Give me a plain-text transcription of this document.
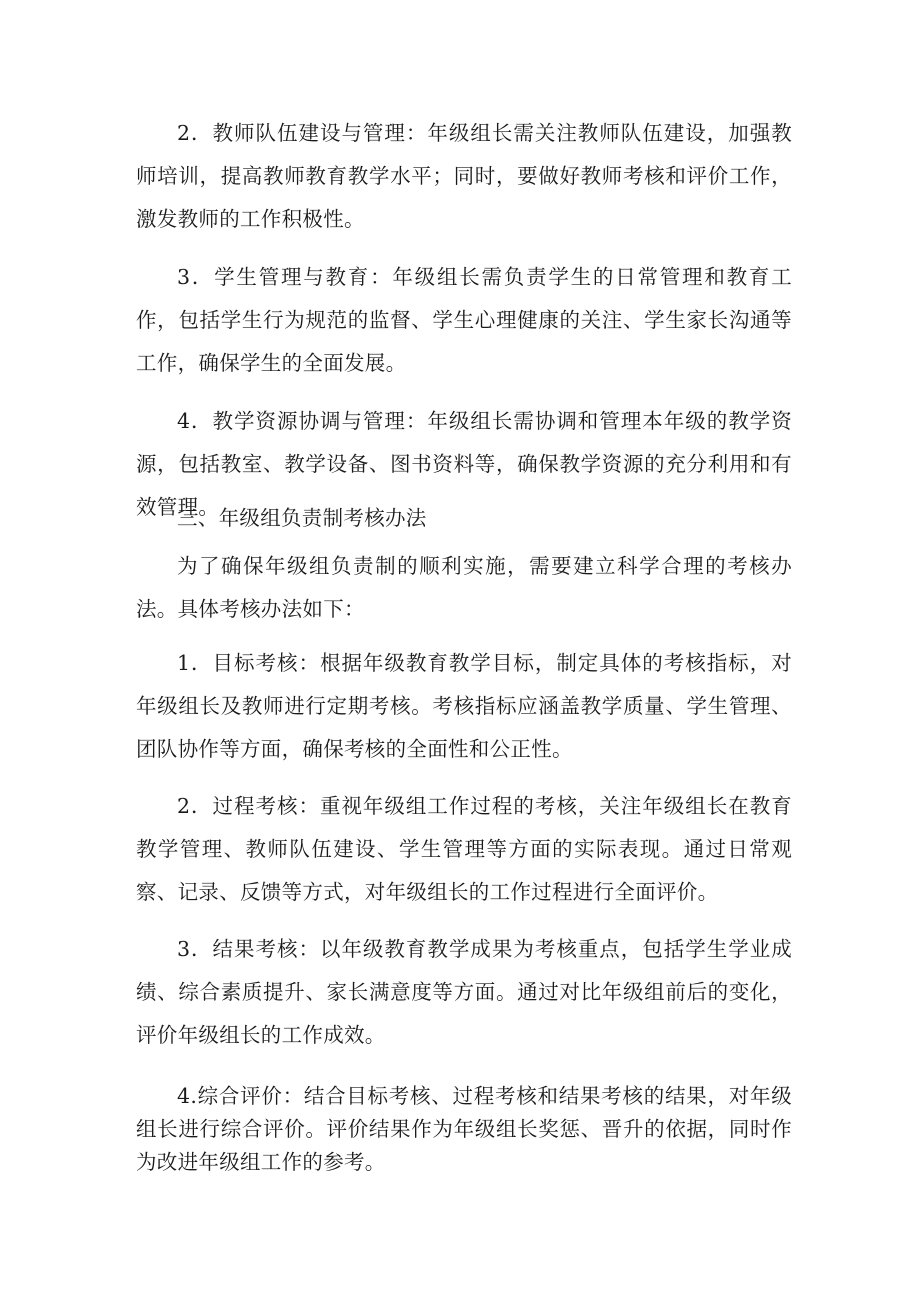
2．教师队伍建设与管理：年级组长需关注教师队伍建设，加强教师培训，提高教师教育教学水平；同时，要做好教师考核和评价工作，激发教师的工作积极性。

3．学生管理与教育：年级组长需负责学生的日常管理和教育工作，包括学生行为规范的监督、学生心理健康的关注、学生家长沟通等工作，确保学生的全面发展。

4．教学资源协调与管理：年级组长需协调和管理本年级的教学资源，包括教室、教学设备、图书资料等，确保教学资源的充分利用和有效管理。

三、年级组负责制考核办法

为了确保年级组负责制的顺利实施，需要建立科学合理的考核办法。具体考核办法如下：

1．目标考核：根据年级教育教学目标，制定具体的考核指标，对年级组长及教师进行定期考核。考核指标应涵盖教学质量、学生管理、团队协作等方面，确保考核的全面性和公正性。

2．过程考核：重视年级组工作过程的考核，关注年级组长在教育教学管理、教师队伍建设、学生管理等方面的实际表现。通过日常观察、记录、反馈等方式，对年级组长的工作过程进行全面评价。

3．结果考核：以年级教育教学成果为考核重点，包括学生学业成绩、综合素质提升、家长满意度等方面。通过对比年级组前后的变化，评价年级组长的工作成效。

4.综合评价：结合目标考核、过程考核和结果考核的结果，对年级组长进行综合评价。评价结果作为年级组长奖惩、晋升的依据，同时作为改进年级组工作的参考。
